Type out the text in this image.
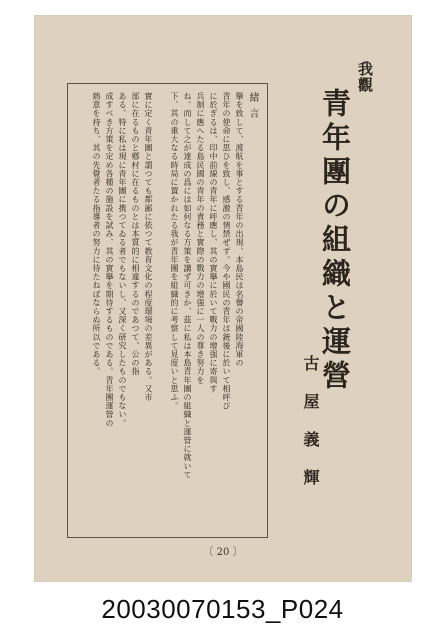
我觀
青年團の組織と運營
古屋義輝
緒言
擧を致して、渡航を事とする青年の出現、本島民は名譽の帝國陸海軍の
青年の使命に思ひを致し、感激の情禁ぜず。今や國民の青年は銃後に於いて相呼び
に於ぎるは、印中前線の青年に呼應し、其の實擧に於いて戰力の增强に寄與す
兵制に應へたる島民國の青年の責務と實際の戰力の增强に一人の尊き努力を
ね。而して之が達成の爲には如何なる方策を講ず可きか、茲に私は本島青年團の組織と運營に就いて
下、其の重大なる時局に置かれたる我が青年團を組織的に考察して見度いと思ふ。
實に定く青年團と謂つても都鄙に依つて教育文化の程度環境の差異がある。又市
部に在るものと鄕村に在るものとは本質的に相違するのであつて、公の指
ある。特に私は現に青年團に携つてゐる者でもないし、又深く研究したものでもない。
成すべき方策を定め各種の施設を試み、其の實擧を期待するものである。青年團運營の
熱意を持ち、其の先覺者たる指導者の努力に待たねばならぬ所以である。
〔 20 〕
20030070153_P024
